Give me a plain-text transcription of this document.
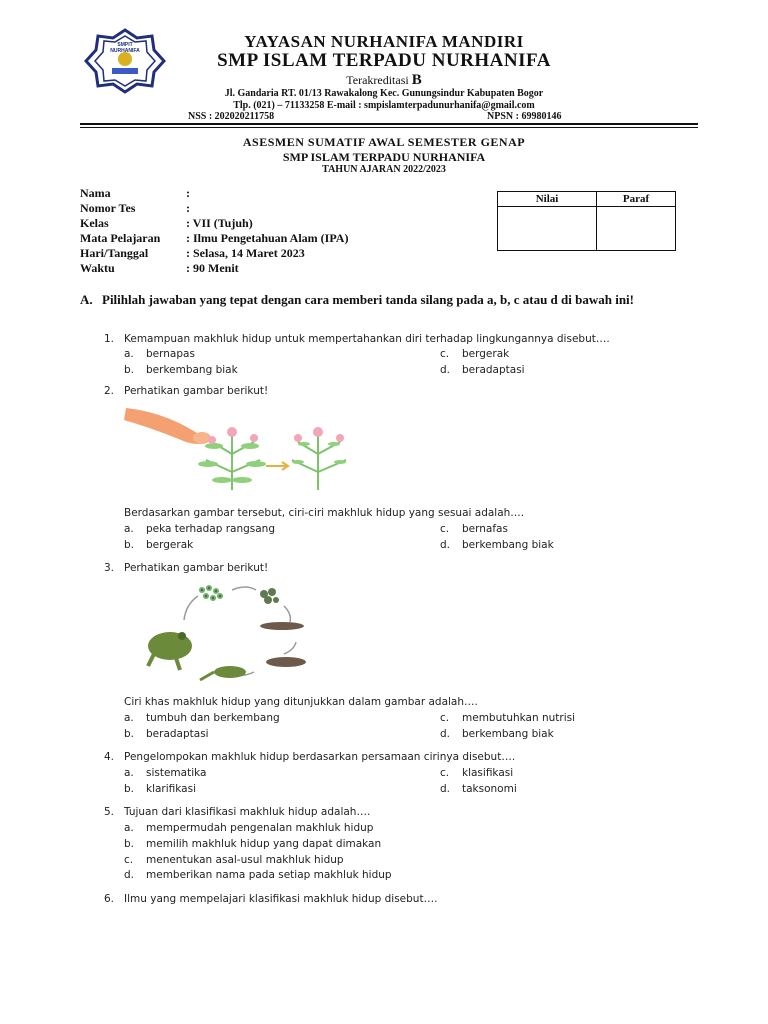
SMPIT NURHANIFA	YAYASAN NURHANIFA MANDIRI
SMP ISLAM TERPADU NURHANIFA
Terakreditasi B
Jl. Gandaria RT. 01/13 Rawakalong Kec. Gunungsindur Kabupaten Bogor
Tlp. (021) – 71133258 E-mail : smpislamterpadunurhanifa@gmail.com
NSS : 202020211758	NPSN : 69980146
ASESMEN SUMATIF AWAL SEMESTER GENAP
SMP ISLAM TERPADU NURHANIFA
TAHUN AJARAN 2022/2023
Nama	:
Nomor Tes	:
Kelas	: VII (Tujuh)
Mata Pelajaran	: Ilmu Pengetahuan Alam (IPA)
Hari/Tanggal	: Selasa, 14 Maret 2023
Waktu	: 90 Menit
Nilai	Paraf

A. Pilihlah jawaban yang tepat dengan cara memberi tanda silang pada a, b, c atau d di bawah ini!
1. Kemampuan makhluk hidup untuk mempertahankan diri terhadap lingkungannya disebut….
a. bernapas	c. bergerak
b. berkembang biak	d. beradaptasi
2. Perhatikan gambar berikut!
Berdasarkan gambar tersebut, ciri-ciri makhluk hidup yang sesuai adalah….
a. peka terhadap rangsang	c. bernafas
b. bergerak	d. berkembang biak
3. Perhatikan gambar berikut!
Ciri khas makhluk hidup yang ditunjukkan dalam gambar adalah….
a. tumbuh dan berkembang	c. membutuhkan nutrisi
b. beradaptasi	d. berkembang biak
4. Pengelompokan makhluk hidup berdasarkan persamaan cirinya disebut….
a. sistematika	c. klasifikasi
b. klarifikasi	d. taksonomi
5. Tujuan dari klasifikasi makhluk hidup adalah….
a. mempermudah pengenalan makhluk hidup
b. memilih makhluk hidup yang dapat dimakan
c. menentukan asal-usul makhluk hidup
d. memberikan nama pada setiap makhluk hidup
6. Ilmu yang mempelajari klasifikasi makhluk hidup disebut….
